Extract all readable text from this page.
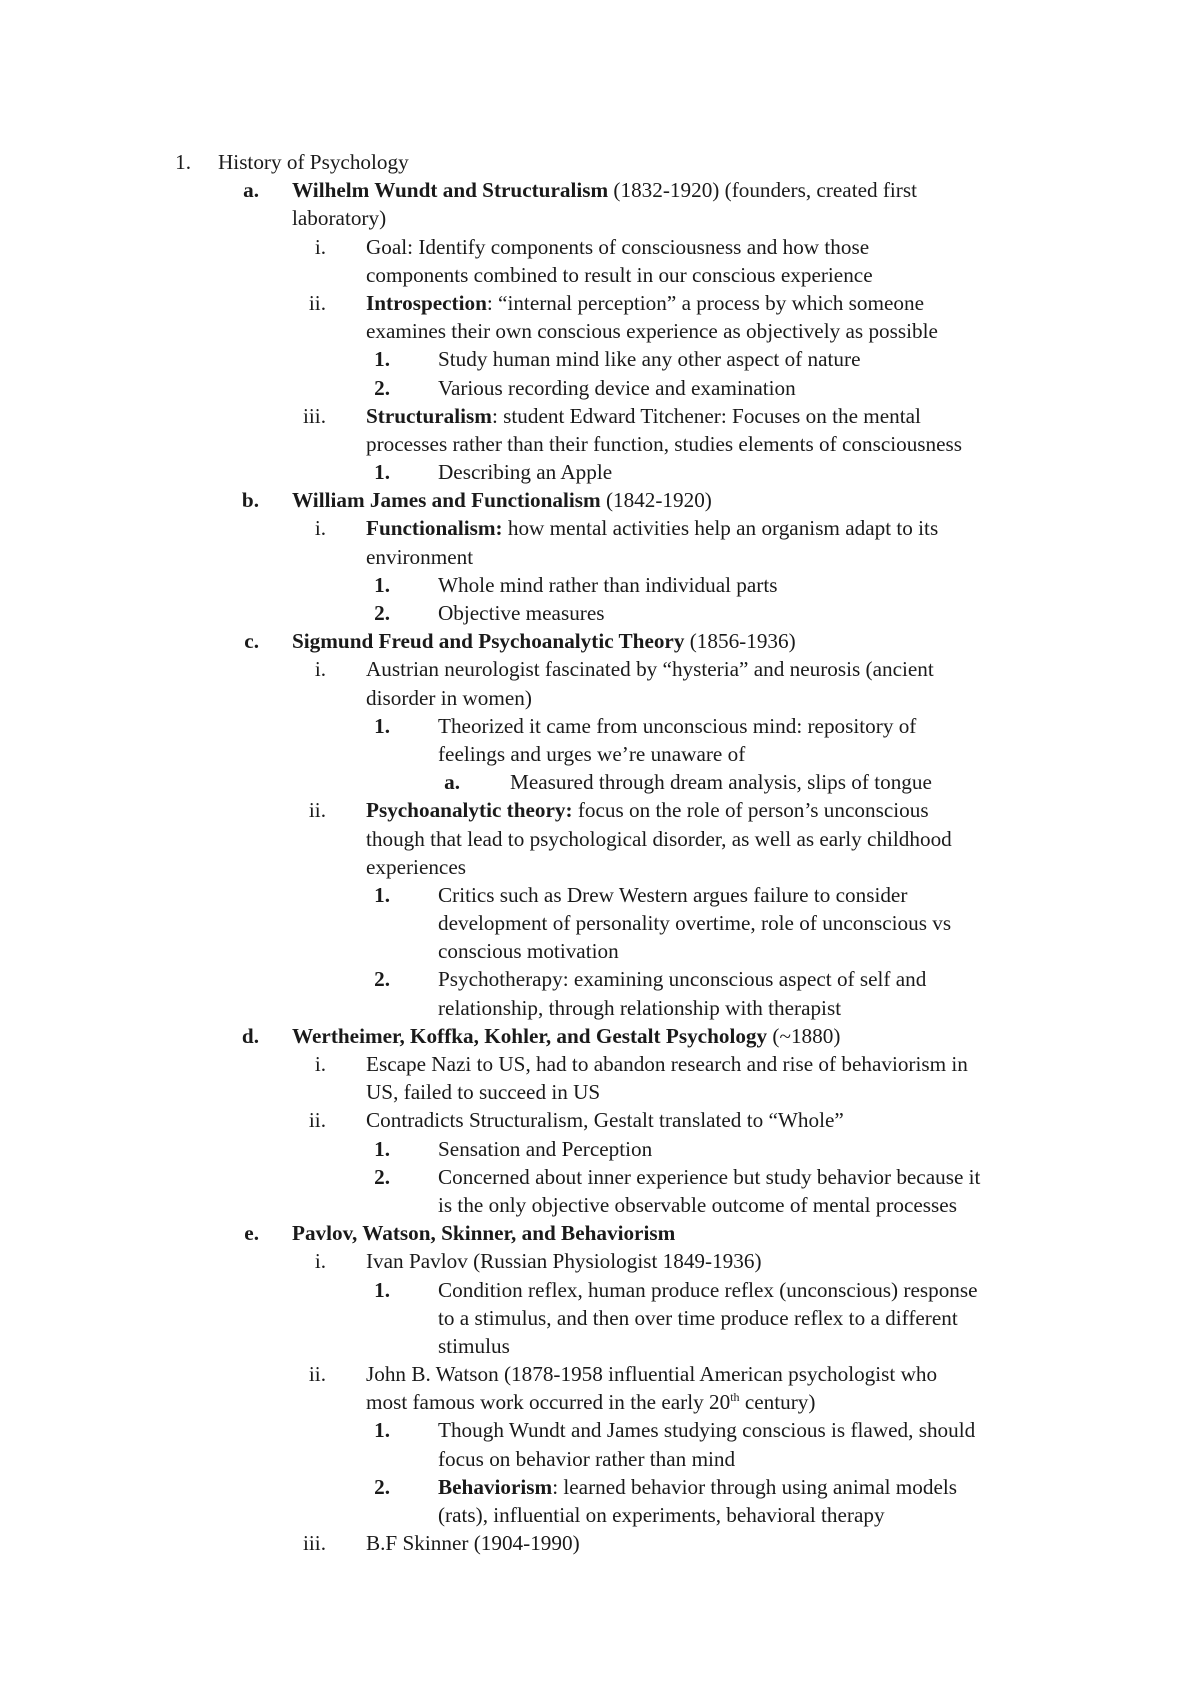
1. History of Psychology
a. Wilhelm Wundt and Structuralism (1832-1920) (founders, created first
laboratory)
i. Goal: Identify components of consciousness and how those
components combined to result in our conscious experience
ii. Introspection: “internal perception” a process by which someone
examines their own conscious experience as objectively as possible
1. Study human mind like any other aspect of nature
2. Various recording device and examination
iii. Structuralism: student Edward Titchener: Focuses on the mental
processes rather than their function, studies elements of consciousness
1. Describing an Apple
b. William James and Functionalism (1842-1920)
i. Functionalism: how mental activities help an organism adapt to its
environment
1. Whole mind rather than individual parts
2. Objective measures
c. Sigmund Freud and Psychoanalytic Theory (1856-1936)
i. Austrian neurologist fascinated by “hysteria” and neurosis (ancient
disorder in women)
1. Theorized it came from unconscious mind: repository of
feelings and urges we’re unaware of
a. Measured through dream analysis, slips of tongue
ii. Psychoanalytic theory: focus on the role of person’s unconscious
though that lead to psychological disorder, as well as early childhood
experiences
1. Critics such as Drew Western argues failure to consider
development of personality overtime, role of unconscious vs
conscious motivation
2. Psychotherapy: examining unconscious aspect of self and
relationship, through relationship with therapist
d. Wertheimer, Koffka, Kohler, and Gestalt Psychology (~1880)
i. Escape Nazi to US, had to abandon research and rise of behaviorism in
US, failed to succeed in US
ii. Contradicts Structuralism, Gestalt translated to “Whole”
1. Sensation and Perception
2. Concerned about inner experience but study behavior because it
is the only objective observable outcome of mental processes
e. Pavlov, Watson, Skinner, and Behaviorism
i. Ivan Pavlov (Russian Physiologist 1849-1936)
1. Condition reflex, human produce reflex (unconscious) response
to a stimulus, and then over time produce reflex to a different
stimulus
ii. John B. Watson (1878-1958 influential American psychologist who
most famous work occurred in the early 20th century)
1. Though Wundt and James studying conscious is flawed, should
focus on behavior rather than mind
2. Behaviorism: learned behavior through using animal models
(rats), influential on experiments, behavioral therapy
iii. B.F Skinner (1904-1990)
